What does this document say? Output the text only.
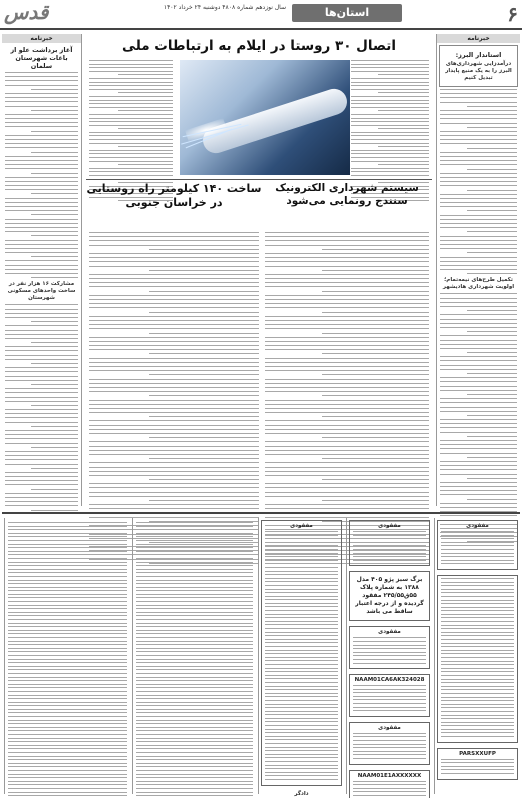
۶
استان‌ها
سال نوزدهم شماره ۴۸۰۸ دوشنبه ۲۴ خرداد ۱۴۰۲
قدس
خبرنامه
استاندار البرز:
درآمدزایی شهرداری‌های البرز را به یک منبع پایدار تبدیل کنیم
تکمیل طرح‌های نیمه‌تمام؛ اولویت شهرداری هادیشهر
خبرنامه
آغاز برداشت علو از باغات شهرستان سلمان
مشارکت ۱۶ هزار نفر در ساخت واحدهای مسکونی شهرستان
اتصال ۳۰ روستا در ایلام به ارتباطات ملی
سیستم شهرداری الکترونیک سنندج رونمایی می‌شود
ساخت ۱۴۰ کیلومتر راه روستایی در خراسان جنوبی
مفقودی
PARSXXUFP
مفقودی
برگ سبز پژو ۴۰۵ مدل ۱۳۸۸ به شماره پلاک ۵۵ق۲۴۵/۵۵ مفقود گردیده و از درجه اعتبار ساقط می باشد
مفقودی
NAAM01CA6AK324028
مفقودی
NAAM01E1AXXXXXX
مفقودی
دادگر
